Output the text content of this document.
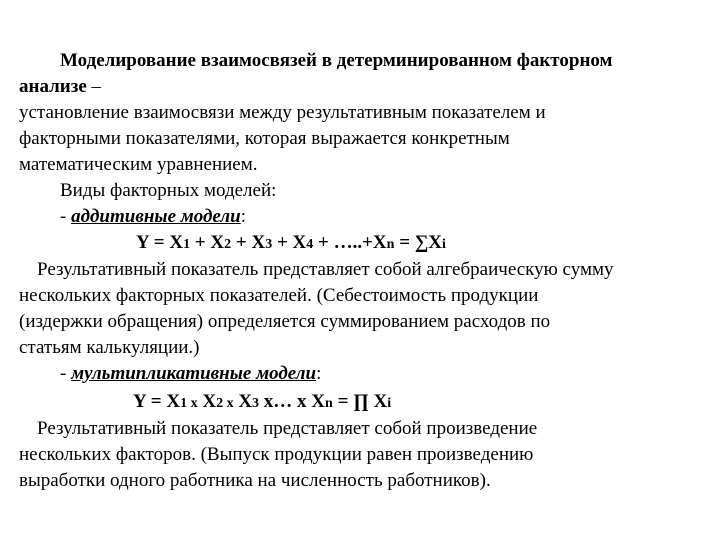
Моделирование взаимосвязей в детерминированном факторном
анализе –
установление взаимосвязи между результативным показателем и
факторными показателями, которая выражается конкретным
математическим уравнением.
Виды факторных моделей:
- аддитивные модели:
Y = X1 + X2 + X3 + X4 + …..+Xn = ∑Xi
Результативный показатель представляет собой алгебраическую сумму
нескольких факторных показателей. (Себестоимость продукции
(издержки обращения) определяется суммированием расходов по
статьям калькуляции.)
- мультипликативные модели:
Y = X1 x X2 x X3 x… x Xn = ∏ Xi
Результативный показатель представляет собой произведение
нескольких факторов. (Выпуск продукции равен произведению
выработки одного работника на численность работников).
